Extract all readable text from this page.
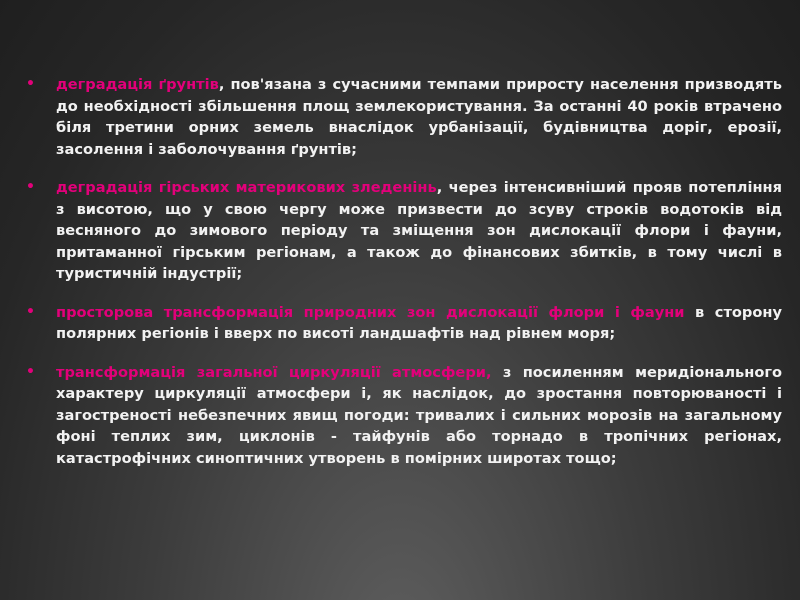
• деградація ґрунтів, пов'язана з сучасними темпами приросту населення призводять до необхідності збільшення площ землекористування. За останні 40 років втрачено біля третини орних земель внаслідок урбанізації, будівництва доріг, ерозії, засолення і заболочування ґрунтів;
• деградація гірських материкових зледенінь, через інтенсивніший прояв потепління з висотою, що у свою чергу може призвести до зсуву строків водотоків від весняного до зимового періоду та зміщення зон дислокації флори і фауни, притаманної гірським регіонам, а також до фінансових збитків, в тому числі в туристичній індустрії;
• просторова трансформація природних зон дислокації флори і фауни в сторону полярних регіонів і вверх по висоті ландшафтів над рівнем моря;
• трансформація загальної циркуляції атмосфери, з посиленням меридіонального характеру циркуляції атмосфери і, як наслідок, до зростання повторюваності і загостреності небезпечних явищ погоди: тривалих і сильних морозів на загальному фоні теплих зим, циклонів - тайфунів або торнадо в тропічних регіонах, катастрофічних синоптичних утворень в помірних широтах тощо;
